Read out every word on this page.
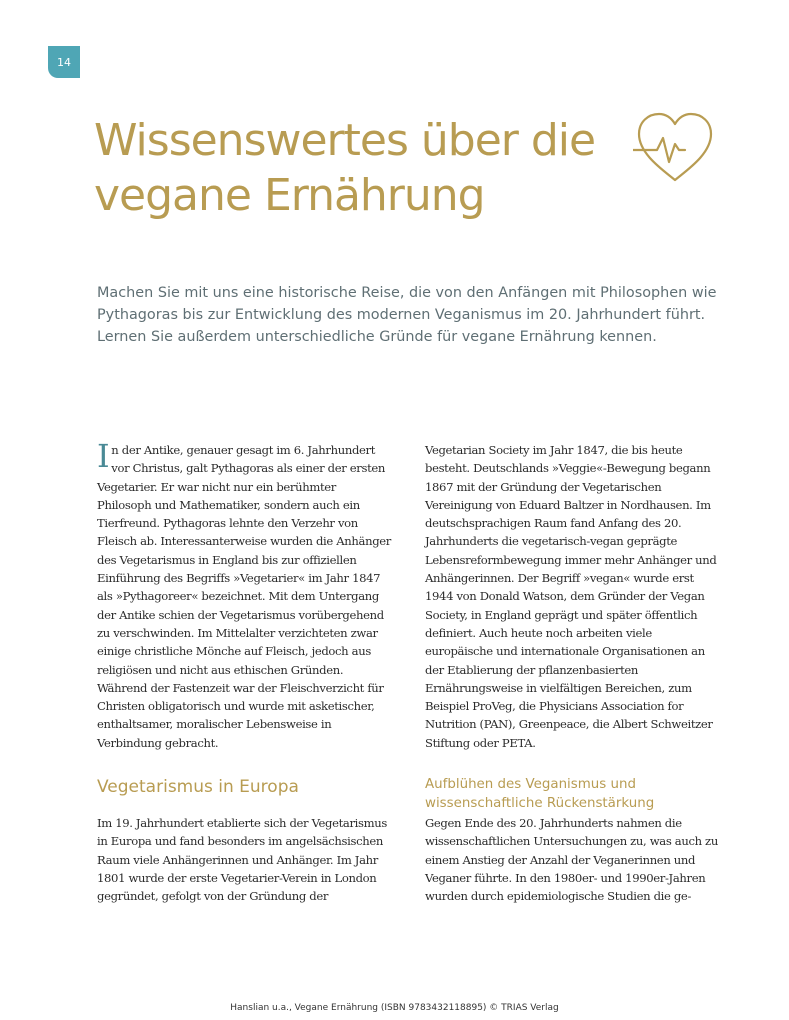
14
Wissenswertes über die vegane Ernährung

Machen Sie mit uns eine historische Reise, die von den Anfängen mit Philosophen wie Pythagoras bis zur Entwicklung des modernen Veganismus im 20. Jahrhundert führt. Lernen Sie außerdem unterschiedliche Gründe für vegane Ernährung kennen.

In der Antike, genauer gesagt im 6. Jahrhundert vor Christus, galt Pythagoras als einer der ersten Vegetarier. Er war nicht nur ein berühmter Philosoph und Mathematiker, sondern auch ein Tierfreund. Pythagoras lehnte den Verzehr von Fleisch ab. Interessanterweise wurden die Anhänger des Vegetarismus in England bis zur offiziellen Einführung des Begriffs »Vegetarier« im Jahr 1847 als »Pythagoreer« bezeichnet. Mit dem Untergang der Antike schien der Vegetarismus vorübergehend zu verschwinden. Im Mittelalter verzichteten zwar einige christliche Mönche auf Fleisch, jedoch aus religiösen und nicht aus ethischen Gründen. Während der Fastenzeit war der Fleischverzicht für Christen obligatorisch und wurde mit asketischer, enthaltsamer, moralischer Lebensweise in Verbindung gebracht.

Vegetarian Society im Jahr 1847, die bis heute besteht. Deutschlands »Veggie«-Bewegung begann 1867 mit der Gründung der Vegetarischen Vereinigung von Eduard Baltzer in Nordhausen. Im deutschsprachigen Raum fand Anfang des 20. Jahrhunderts die vegetarisch-vegan geprägte Lebensreformbewegung immer mehr Anhänger und Anhängerinnen. Der Begriff »vegan« wurde erst 1944 von Donald Watson, dem Gründer der Vegan Society, in England geprägt und später öffentlich definiert. Auch heute noch arbeiten viele europäische und internationale Organisationen an der Etablierung der pflanzenbasierten Ernährungsweise in vielfältigen Bereichen, zum Beispiel ProVeg, die Physicians Association for Nutrition (PAN), Greenpeace, die Albert Schweitzer Stiftung oder PETA.

Vegetarismus in Europa

Im 19. Jahrhundert etablierte sich der Vegetarismus in Europa und fand besonders im angelsächsischen Raum viele Anhängerinnen und Anhänger. Im Jahr 1801 wurde der erste Vegetarier-Verein in London gegründet, gefolgt von der Gründung der

Aufblühen des Veganismus und wissenschaftliche Rückenstärkung

Gegen Ende des 20. Jahrhunderts nahmen die wissenschaftlichen Untersuchungen zu, was auch zu einem Anstieg der Anzahl der Veganerinnen und Veganer führte. In den 1980er- und 1990er-Jahren wurden durch epidemiologische Studien die ge-

Hanslian u.a., Vegane Ernährung (ISBN 9783432118895) © TRIAS Verlag
